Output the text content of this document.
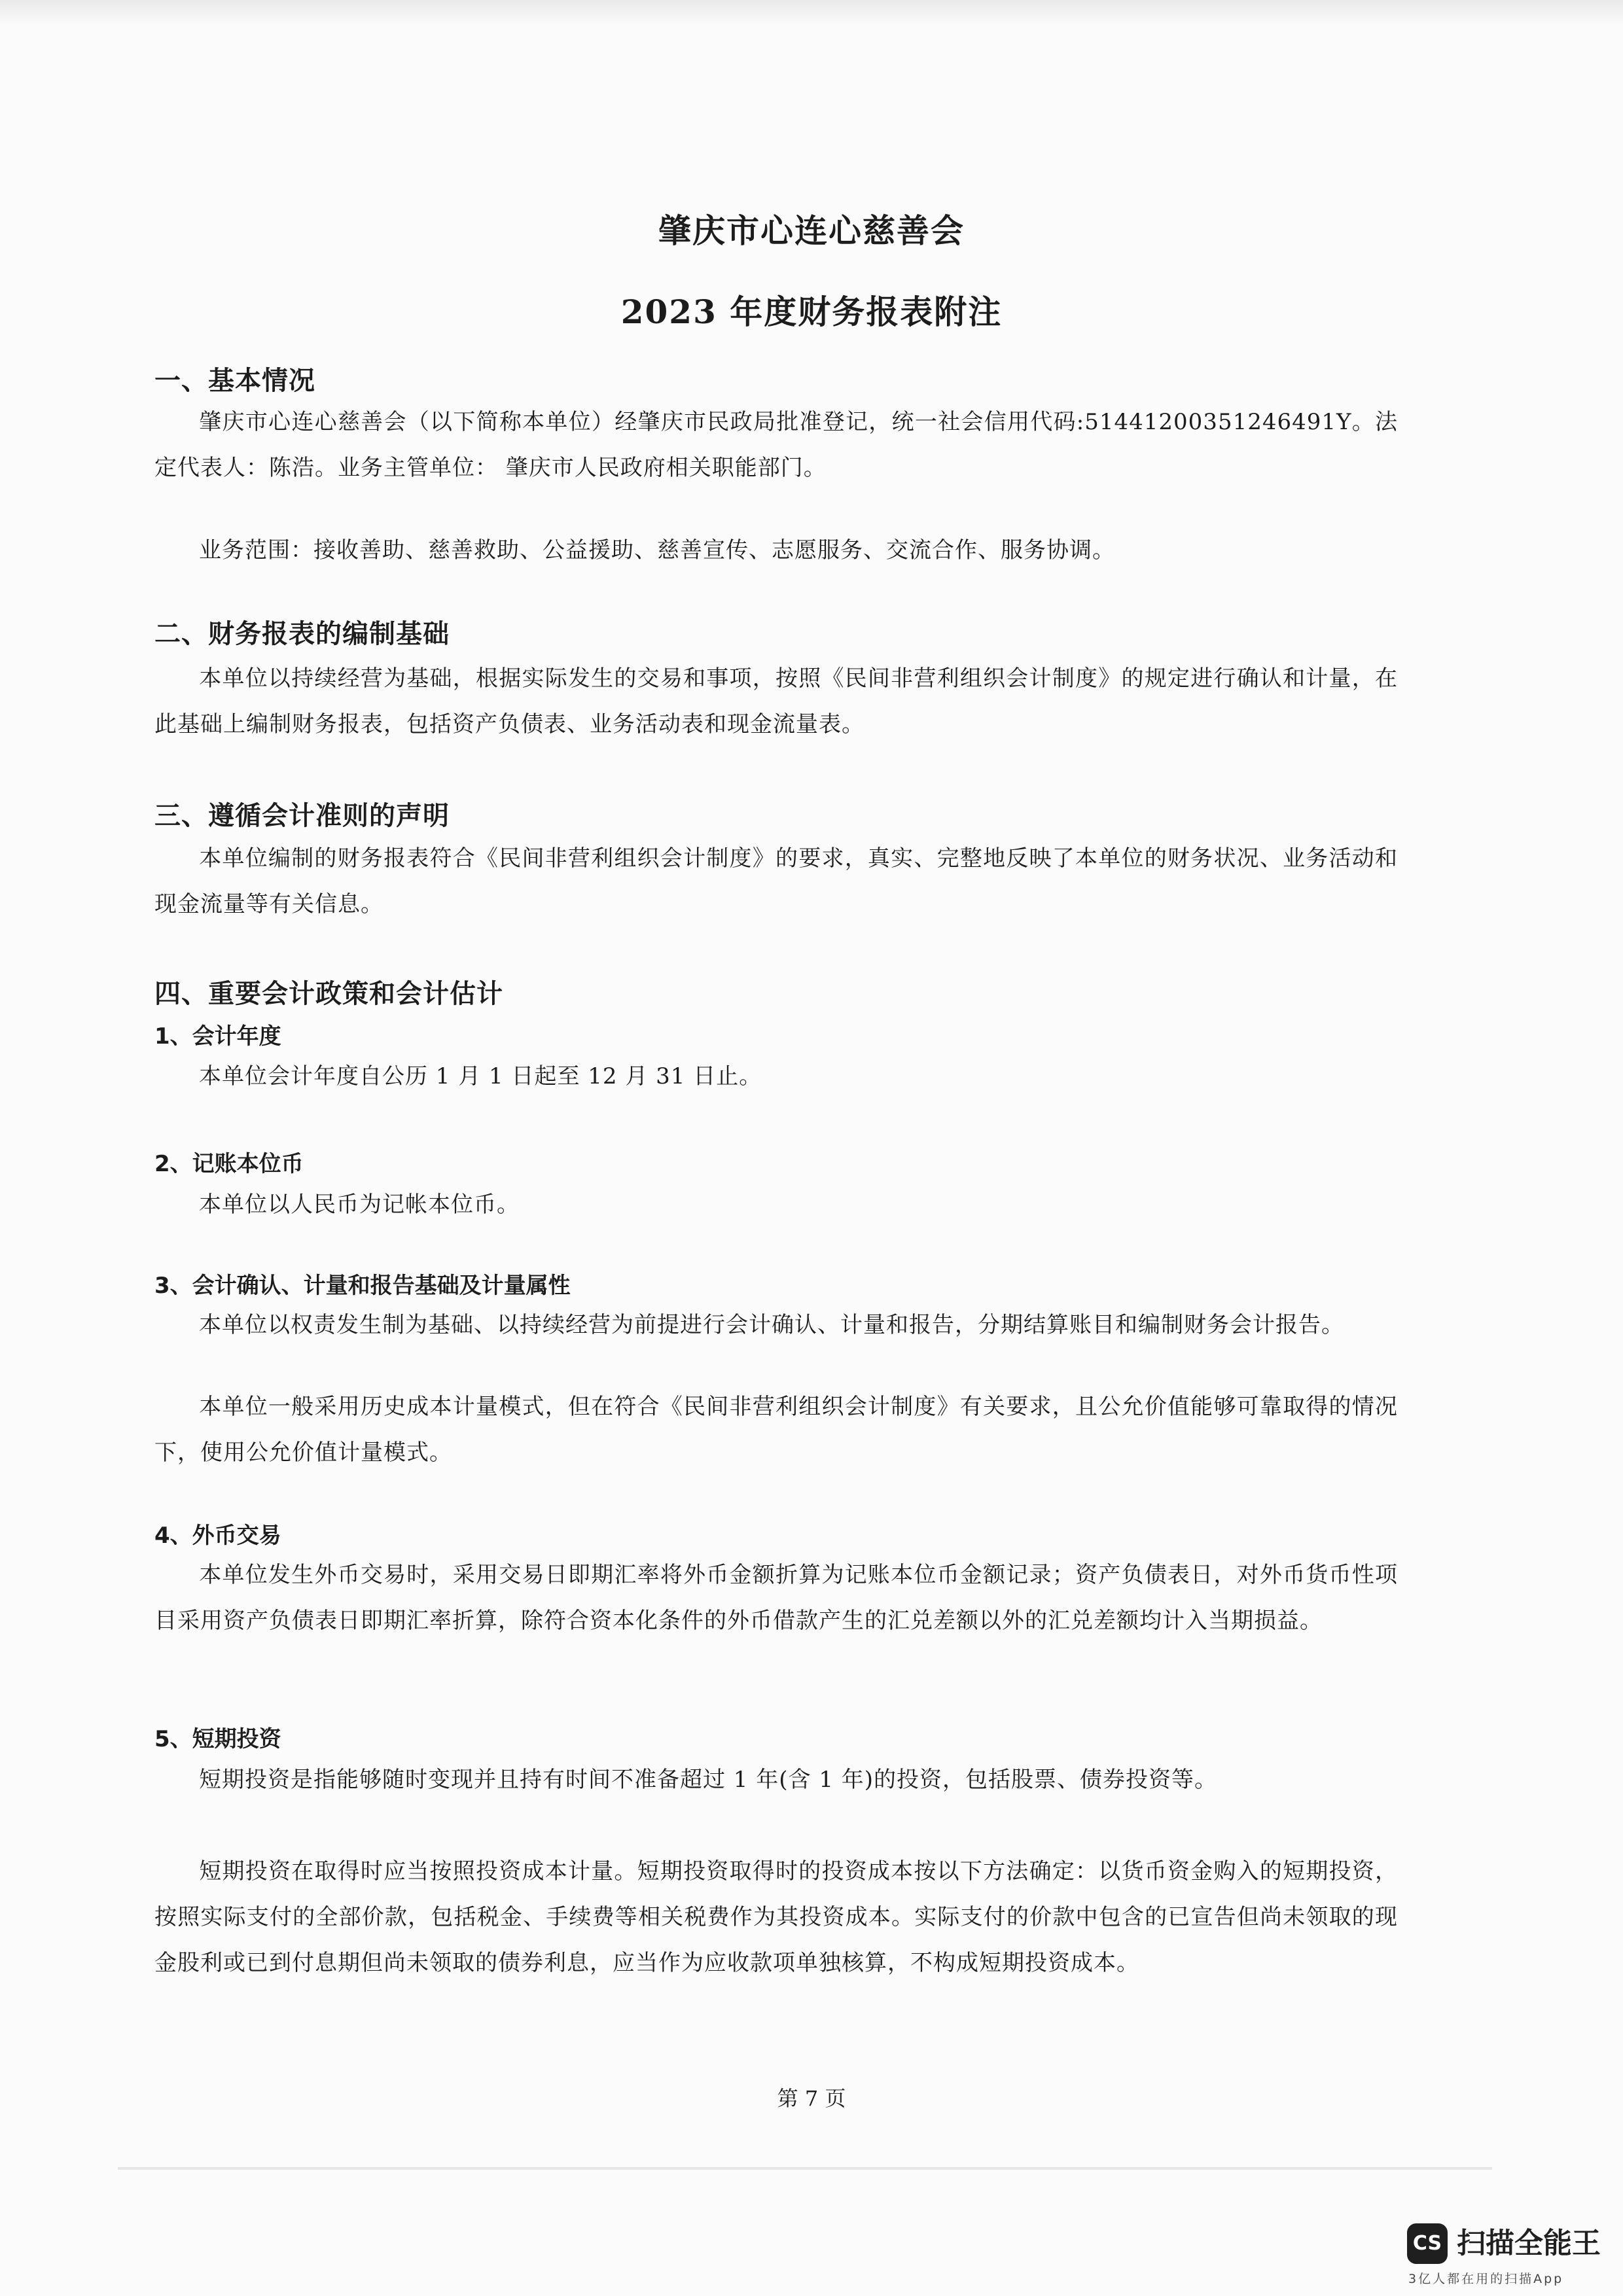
肇庆市心连心慈善会
2023 年度财务报表附注
一、基本情况

肇庆市心连心慈善会（以下简称本单位）经肇庆市民政局批准登记，统一社会信用代码:51441200351246491Y。法定代表人：陈浩。业务主管单位： 肇庆市人民政府相关职能部门。

业务范围：接收善助、慈善救助、公益援助、慈善宣传、志愿服务、交流合作、服务协调。

二、财务报表的编制基础

本单位以持续经营为基础，根据实际发生的交易和事项，按照《民间非营利组织会计制度》的规定进行确认和计量，在此基础上编制财务报表，包括资产负债表、业务活动表和现金流量表。

三、遵循会计准则的声明

本单位编制的财务报表符合《民间非营利组织会计制度》的要求，真实、完整地反映了本单位的财务状况、业务活动和现金流量等有关信息。

四、重要会计政策和会计估计
1、会计年度

本单位会计年度自公历 1 月 1 日起至 12 月 31 日止。

2、记账本位币

本单位以人民币为记帐本位币。

3、会计确认、计量和报告基础及计量属性

本单位以权责发生制为基础、以持续经营为前提进行会计确认、计量和报告，分期结算账目和编制财务会计报告。

本单位一般采用历史成本计量模式，但在符合《民间非营利组织会计制度》有关要求，且公允价值能够可靠取得的情况下，使用公允价值计量模式。

4、外币交易

本单位发生外币交易时，采用交易日即期汇率将外币金额折算为记账本位币金额记录；资产负债表日，对外币货币性项目采用资产负债表日即期汇率折算，除符合资本化条件的外币借款产生的汇兑差额以外的汇兑差额均计入当期损益。

5、短期投资

短期投资是指能够随时变现并且持有时间不准备超过 1 年(含 1 年)的投资，包括股票、债券投资等。

短期投资在取得时应当按照投资成本计量。短期投资取得时的投资成本按以下方法确定：以货币资金购入的短期投资，按照实际支付的全部价款，包括税金、手续费等相关税费作为其投资成本。实际支付的价款中包含的已宣告但尚未领取的现金股利或已到付息期但尚未领取的债券利息，应当作为应收款项单独核算，不构成短期投资成本。

第 7 页
CS 扫描全能王
3亿人都在用的扫描App
